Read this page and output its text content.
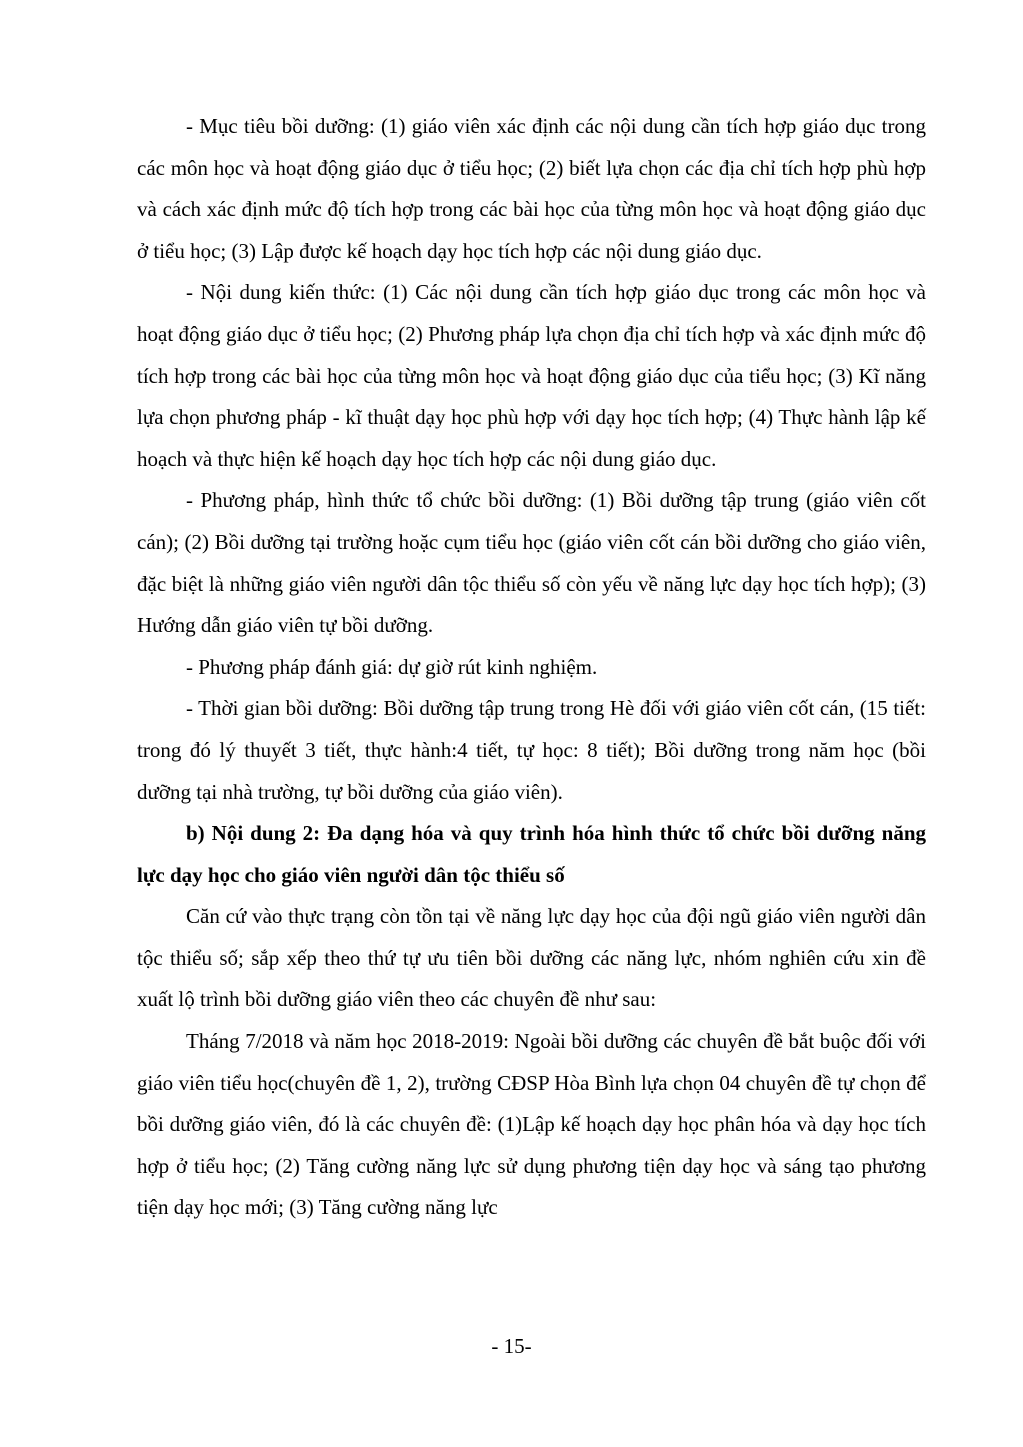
- Mục tiêu bồi dưỡng: (1) giáo viên xác định các nội dung cần tích hợp giáo dục trong các môn học và hoạt động giáo dục ở tiểu học; (2) biết lựa chọn các địa chỉ tích hợp phù hợp và cách xác định mức độ tích hợp trong các bài học của từng môn học và hoạt động giáo dục ở tiểu học; (3) Lập được kế hoạch dạy học tích hợp các nội dung giáo dục.

- Nội dung kiến thức: (1) Các nội dung cần tích hợp giáo dục trong các môn học và hoạt động giáo dục ở tiểu học; (2) Phương pháp lựa chọn địa chỉ tích hợp và xác định mức độ tích hợp trong các bài học của từng môn học và hoạt động giáo dục của tiểu học; (3) Kĩ năng lựa chọn phương pháp - kĩ thuật dạy học phù hợp với dạy học tích hợp; (4) Thực hành lập kế hoạch và thực hiện kế hoạch dạy học tích hợp các nội dung giáo dục.

- Phương pháp, hình thức tổ chức bồi dưỡng: (1) Bồi dưỡng tập trung (giáo viên cốt cán); (2) Bồi dưỡng tại trường hoặc cụm tiểu học (giáo viên cốt cán bồi dưỡng cho giáo viên, đặc biệt là những giáo viên người dân tộc thiểu số còn yếu về năng lực dạy học tích hợp); (3) Hướng dẫn giáo viên tự bồi dưỡng.

- Phương pháp đánh giá: dự giờ rút kinh nghiệm.

- Thời gian bồi dưỡng: Bồi dưỡng tập trung trong Hè đối với giáo viên cốt cán, (15 tiết: trong đó lý thuyết 3 tiết, thực hành:4 tiết, tự học: 8 tiết); Bồi dưỡng trong năm học (bồi dưỡng tại nhà trường, tự bồi dưỡng của giáo viên).

b) Nội dung 2: Đa dạng hóa và quy trình hóa hình thức tổ chức bồi dưỡng năng lực dạy học cho giáo viên người dân tộc thiểu số

Căn cứ vào thực trạng còn tồn tại về năng lực dạy học của đội ngũ giáo viên người dân tộc thiểu số; sắp xếp theo thứ tự ưu tiên bồi dưỡng các năng lực, nhóm nghiên cứu xin đề xuất lộ trình bồi dưỡng giáo viên theo các chuyên đề như sau:

Tháng 7/2018 và năm học 2018-2019: Ngoài bồi dưỡng các chuyên đề bắt buộc đối với giáo viên tiểu học(chuyên đề 1, 2), trường CĐSP Hòa Bình lựa chọn 04 chuyên đề tự chọn để bồi dưỡng giáo viên, đó là các chuyên đề: (1)Lập kế hoạch dạy học phân hóa và dạy học tích hợp ở tiểu học; (2) Tăng cường năng lực sử dụng phương tiện dạy học và sáng tạo phương tiện dạy học mới; (3) Tăng cường năng lực

- 15-
